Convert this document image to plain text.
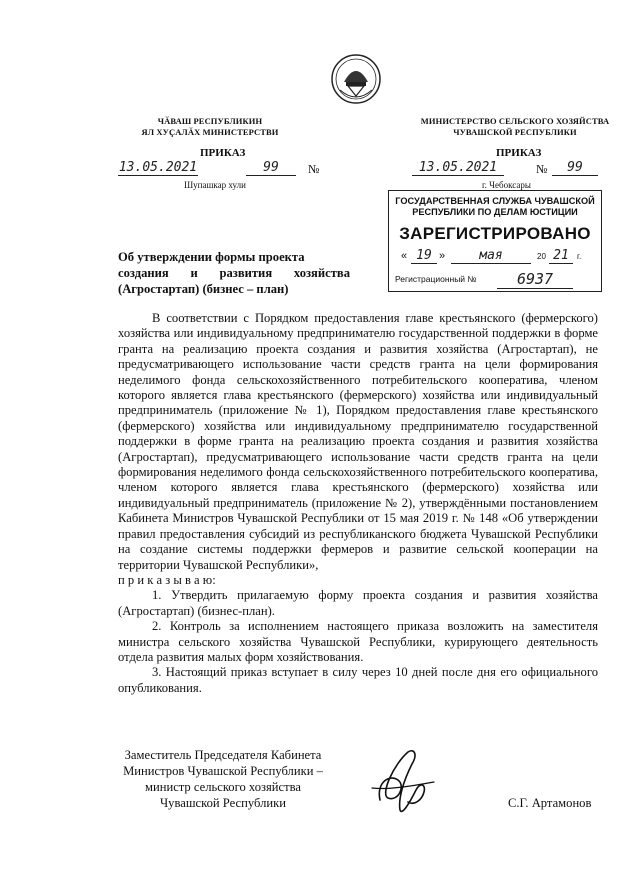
ЧӐВАШ РЕСПУБЛИКИН
ЯЛ ХУҪАЛӐХ МИНИСТЕРСТВИ
ПРИКАЗ
13.05.2021	99	№
Шупашкар хули
МИНИСТЕРСТВО СЕЛЬСКОГО ХОЗЯЙСТВА
ЧУВАШСКОЙ РЕСПУБЛИКИ
ПРИКАЗ
13.05.2021	№	99
г. Чебоксары
ГОСУДАРСТВЕННАЯ СЛУЖБА ЧУВАШСКОЙ
РЕСПУБЛИКИ ПО ДЕЛАМ ЮСТИЦИИ
ЗАРЕГИСТРИРОВАНО
« 19 »	мая	20 21	г.
Регистрационный №	6937
Об утверждении формы проекта
создания и развития хозяйства
(Агростартап) (бизнес – план)

В соответствии с Порядком предоставления главе крестьянского (фермерского) хозяйства или индивидуальному предпринимателю государственной поддержки в форме гранта на реализацию проекта создания и развития хозяйства (Агростартап), не предусматривающего использование части средств гранта на цели формирования неделимого фонда сельскохозяйственного потребительского кооператива, членом которого является глава крестьянского (фермерского) хозяйства или индивидуальный предприниматель (приложение № 1), Порядком предоставления главе крестьянского (фермерского) хозяйства или индивидуальному предпринимателю государственной поддержки в форме гранта на реализацию проекта создания и развития хозяйства (Агростартап), предусматривающего использование части средств гранта на цели формирования неделимого фонда сельскохозяйственного потребительского кооператива, членом которого является глава крестьянского (фермерского) хозяйства или индивидуальный предприниматель (приложение № 2), утверждёнными постановлением Кабинета Министров Чувашской Республики от 15 мая 2019 г. № 148 «Об утверждении правил предоставления субсидий из республиканского бюджета Чувашской Республики на создание системы поддержки фермеров и развитие сельской кооперации на территории Чувашской Республики»,

п р и к а з ы в а ю:

1. Утвердить прилагаемую форму проекта создания и развития хозяйства (Агростартап) (бизнес-план).

2. Контроль за исполнением настоящего приказа возложить на заместителя министра сельского хозяйства Чувашской Республики, курирующего деятельность отдела развития малых форм хозяйствования.

3. Настоящий приказ вступает в силу через 10 дней после дня его официального опубликования.

Заместитель Председателя Кабинета
Министров Чувашской Республики –
министр сельского хозяйства
Чувашской Республики	С.Г. Артамонов
